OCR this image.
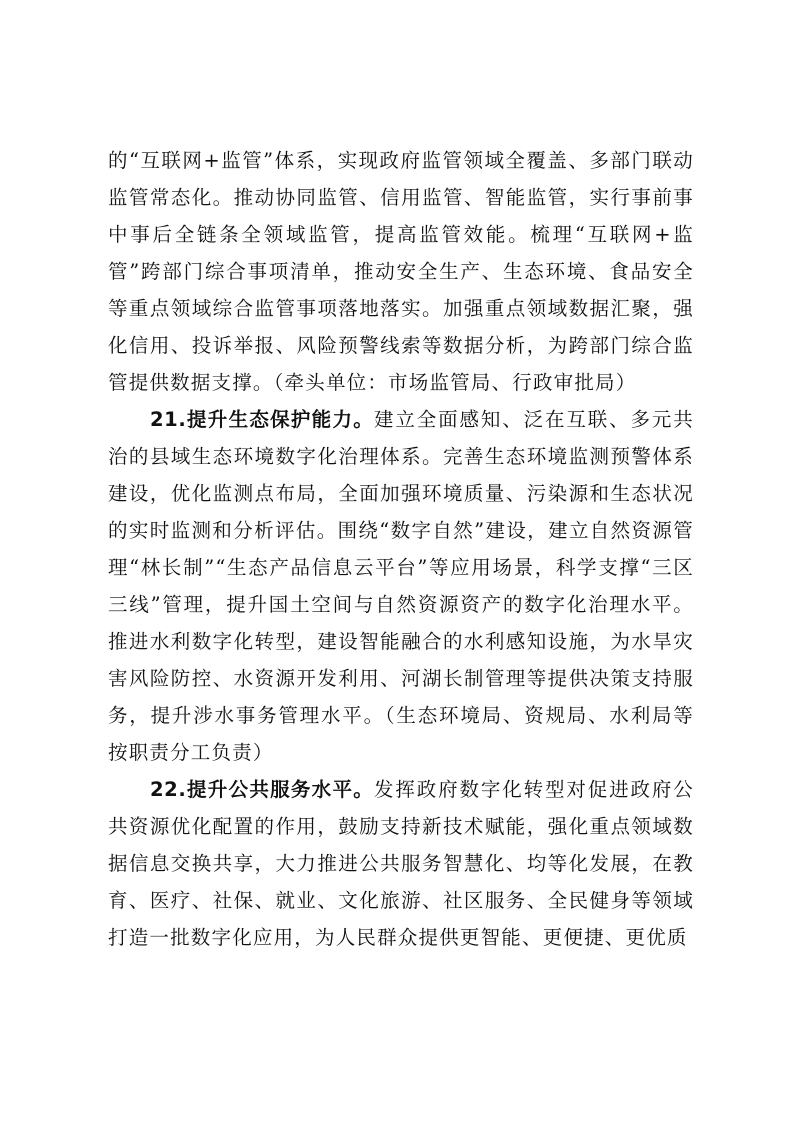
的“互联网+监管”体系，实现政府监管领域全覆盖、多部门联动监管常态化。推动协同监管、信用监管、智能监管，实行事前事中事后全链条全领域监管，提高监管效能。梳理“互联网+监管”跨部门综合事项清单，推动安全生产、生态环境、食品安全等重点领域综合监管事项落地落实。加强重点领域数据汇聚，强化信用、投诉举报、风险预警线索等数据分析，为跨部门综合监管提供数据支撑。（牵头单位：市场监管局、行政审批局）

21.提升生态保护能力。建立全面感知、泛在互联、多元共治的县域生态环境数字化治理体系。完善生态环境监测预警体系建设，优化监测点布局，全面加强环境质量、污染源和生态状况的实时监测和分析评估。围绕“数字自然”建设，建立自然资源管理“林长制”“生态产品信息云平台”等应用场景，科学支撑“三区三线”管理，提升国土空间与自然资源资产的数字化治理水平。推进水利数字化转型，建设智能融合的水利感知设施，为水旱灾害风险防控、水资源开发利用、河湖长制管理等提供决策支持服务，提升涉水事务管理水平。（生态环境局、资规局、水利局等按职责分工负责）

22.提升公共服务水平。发挥政府数字化转型对促进政府公共资源优化配置的作用，鼓励支持新技术赋能，强化重点领域数据信息交换共享，大力推进公共服务智慧化、均等化发展，在教育、医疗、社保、就业、文化旅游、社区服务、全民健身等领域打造一批数字化应用，为人民群众提供更智能、更便捷、更优质
